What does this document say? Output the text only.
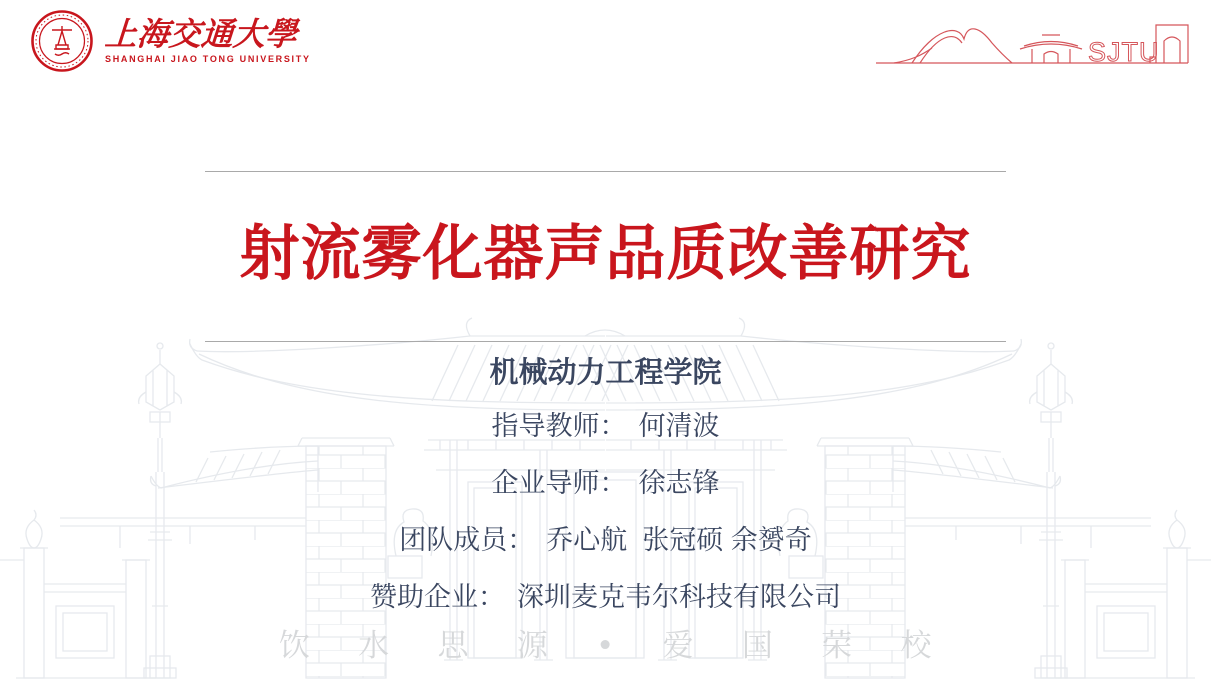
上海交通大學
SHANGHAI JIAO TONG UNIVERSITY	SJTU
射流雾化器声品质改善研究
机械动力工程学院
指导教师： 何清波
企业导师： 徐志锋
团队成员： 乔心航  张冠硕 余赟奇
赞助企业： 深圳麦克韦尔科技有限公司
饮 水 思 源 • 爱 国 荣 校
